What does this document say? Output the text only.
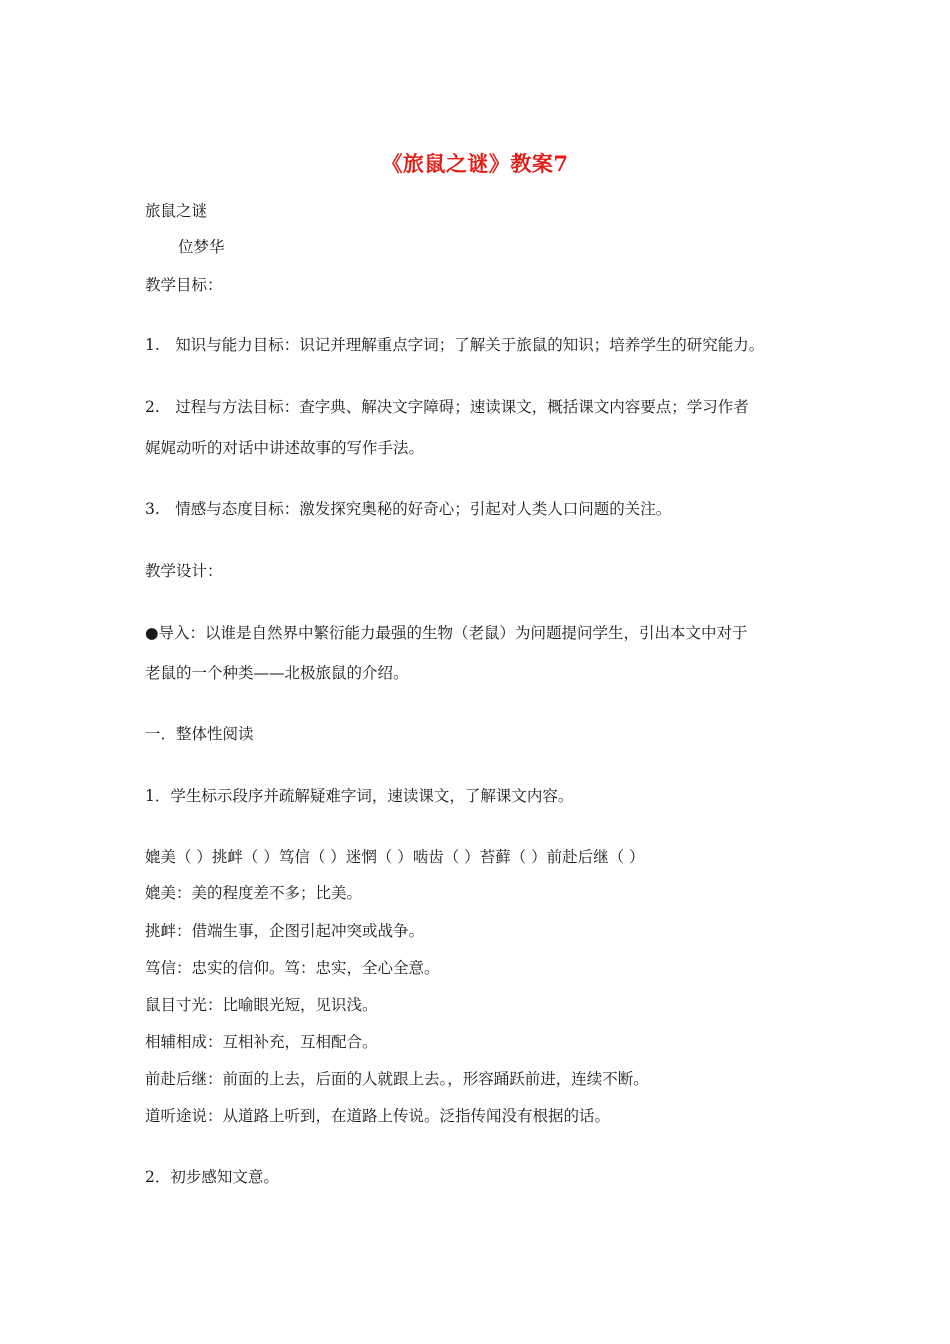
《旅鼠之谜》教案7
旅鼠之谜
位梦华
教学目标：
1.　知识与能力目标：识记并理解重点字词；了解关于旅鼠的知识；培养学生的研究能力。
2.　过程与方法目标：查字典、解决文字障碍；速读课文，概括课文内容要点；学习作者
娓娓动听的对话中讲述故事的写作手法。
3.　情感与态度目标：激发探究奥秘的好奇心；引起对人类人口问题的关注。
教学设计：
●导入：以谁是自然界中繁衍能力最强的生物（老鼠）为问题提问学生，引出本文中对于
老鼠的一个种类——北极旅鼠的介绍。
一．整体性阅读
1．学生标示段序并疏解疑难字词，速读课文，了解课文内容。
媲美（ ）挑衅（ ）笃信（ ）迷惘（ ）啮齿（ ）苔藓（ ）前赴后继（ ）
媲美：美的程度差不多；比美。
挑衅：借端生事，企图引起冲突或战争。
笃信：忠实的信仰。笃：忠实，全心全意。
鼠目寸光：比喻眼光短，见识浅。
相辅相成：互相补充，互相配合。
前赴后继：前面的上去，后面的人就跟上去。，形容踊跃前进，连续不断。
道听途说：从道路上听到，在道路上传说。泛指传闻没有根据的话。
2．初步感知文意。
